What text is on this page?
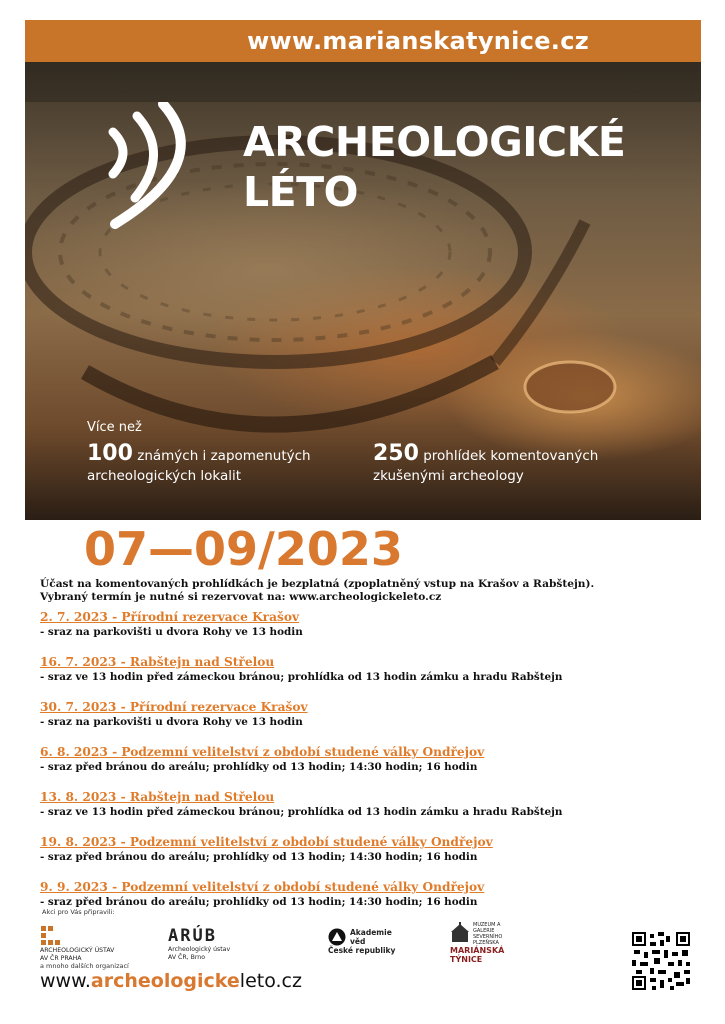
www.marianskatynice.cz
ARCHEOLOGICKÉ
LÉTO
Více než
100 známých i zapomenutých
archeologických lokalit
250 prohlídek komentovaných
zkušenými archeology
07—09/2023
Účast na komentovaných prohlídkách je bezplatná (zpoplatněný vstup na Krašov a Rabštejn).
Vybraný termín je nutné si rezervovat na: www.archeologickeleto.cz
2. 7. 2023 - Přírodní rezervace Krašov
- sraz na parkovišti u dvora Rohy ve 13 hodin
16. 7. 2023 - Rabštejn nad Střelou
- sraz ve 13 hodin před zámeckou bránou; prohlídka od 13 hodin zámku a hradu Rabštejn
30. 7. 2023 - Přírodní rezervace Krašov
- sraz na parkovišti u dvora Rohy ve 13 hodin
6. 8. 2023 - Podzemní velitelství z období studené války Ondřejov
- sraz před bránou do areálu; prohlídky od 13 hodin; 14:30 hodin; 16 hodin
13. 8. 2023 - Rabštejn nad Střelou
- sraz ve 13 hodin před zámeckou bránou; prohlídka od 13 hodin zámku a hradu Rabštejn
19. 8. 2023 - Podzemní velitelství z období studené války Ondřejov
- sraz před bránou do areálu; prohlídky od 13 hodin; 14:30 hodin; 16 hodin
9. 9. 2023 - Podzemní velitelství z období studené války Ondřejov
- sraz před bránou do areálu; prohlídky od 13 hodin; 14:30 hodin; 16 hodin
Akci pro Vás připravili:
ARCHEOLOGICKÝ ÚSTAV
AV ČR PRAHA
ARÚB
Archeologický ústav
AV ČR, Brno
Akademie věd
České republiky
MUZEUM A GALERIE
SEVERNÍHO PLZEŇSKA
MARIÁNSKÁ
TÝNICE
a mnoho dalších organizací
www.archeologickeleto.cz
